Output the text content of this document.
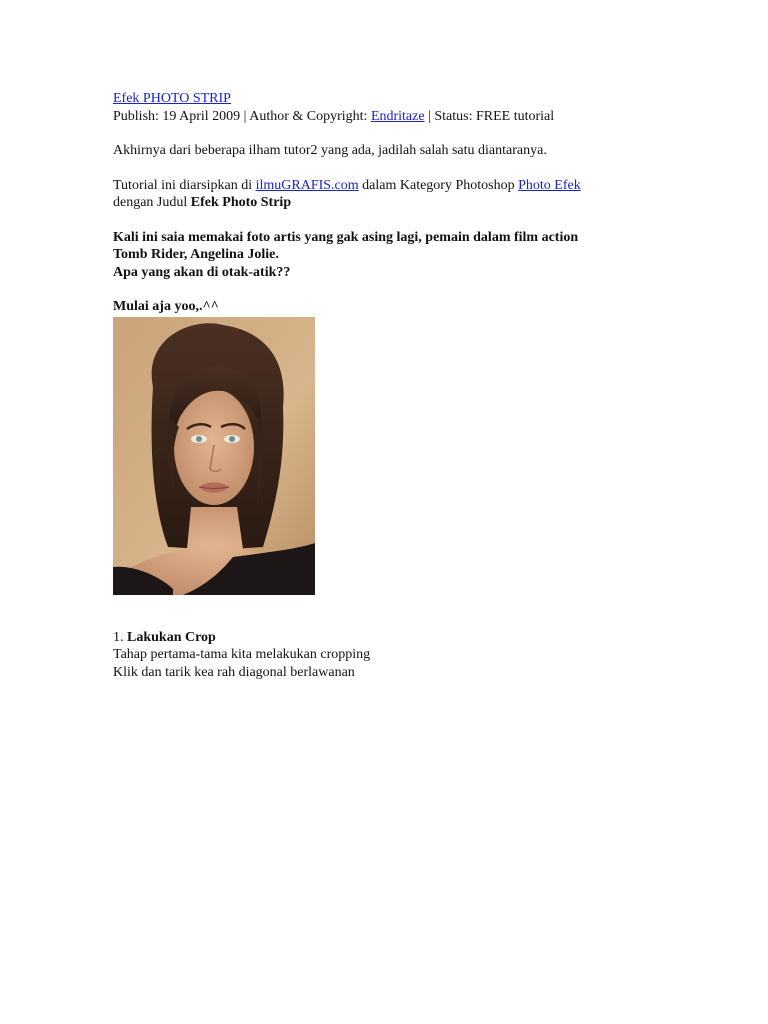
Efek PHOTO STRIP
Publish: 19 April 2009 | Author & Copyright: Endritaze | Status: FREE tutorial
Akhirnya dari beberapa ilham tutor2 yang ada, jadilah salah satu diantaranya.
Tutorial ini diarsipkan di ilmuGRAFIS.com dalam Kategory Photoshop Photo Efek
dengan Judul Efek Photo Strip
Kali ini saia memakai foto artis yang gak asing lagi, pemain dalam film action
Tomb Rider, Angelina Jolie.
Apa yang akan di otak-atik??
Mulai aja yoo,.^^
1. Lakukan Crop
Tahap pertama-tama kita melakukan cropping
Klik dan tarik kea rah diagonal berlawanan
